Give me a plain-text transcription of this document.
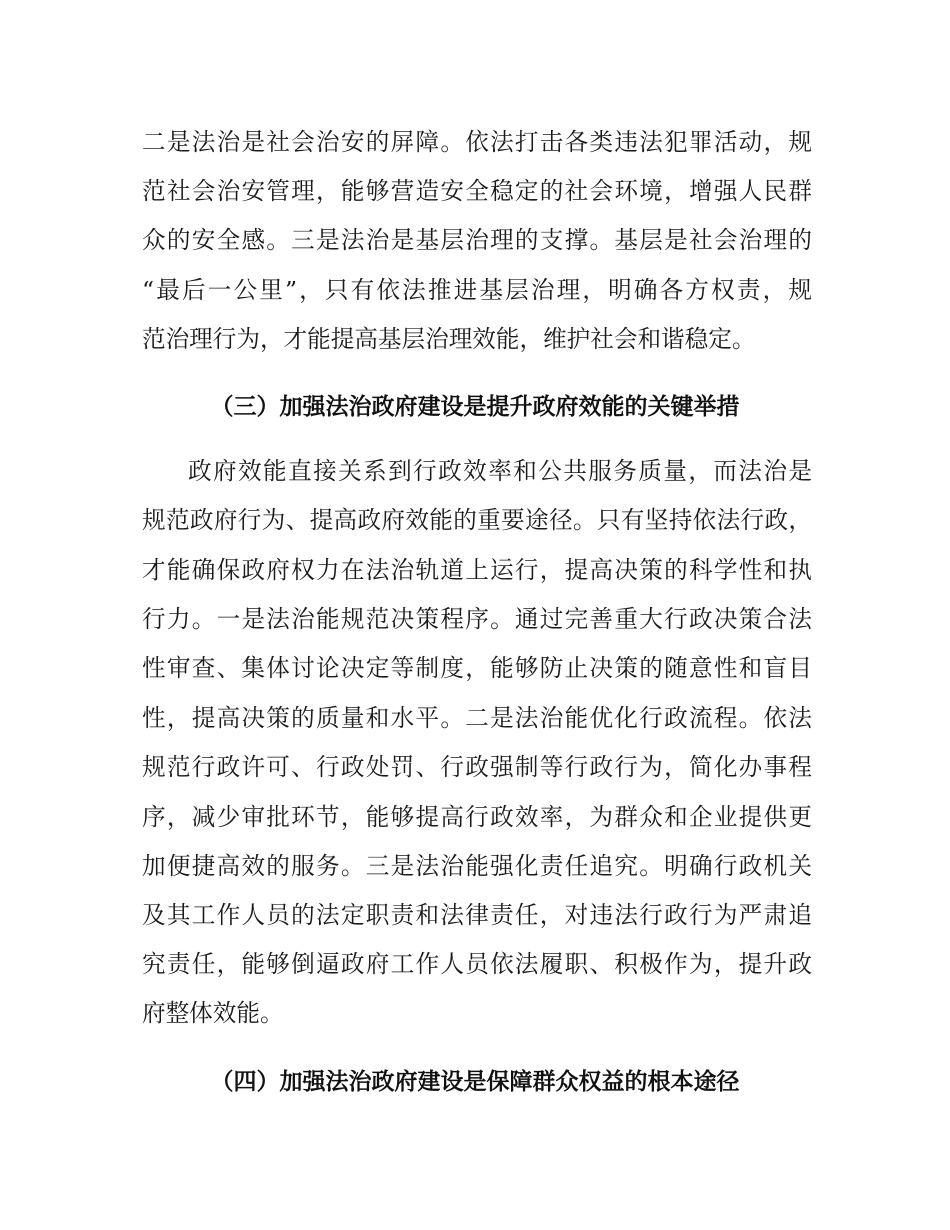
二是法治是社会治安的屏障。依法打击各类违法犯罪活动，规
范社会治安管理，能够营造安全稳定的社会环境，增强人民群
众的安全感。三是法治是基层治理的支撑。基层是社会治理的
“最后一公里”，只有依法推进基层治理，明确各方权责，规
范治理行为，才能提高基层治理效能，维护社会和谐稳定。
（三）加强法治政府建设是提升政府效能的关键举措
政府效能直接关系到行政效率和公共服务质量，而法治是
规范政府行为、提高政府效能的重要途径。只有坚持依法行政，
才能确保政府权力在法治轨道上运行，提高决策的科学性和执
行力。一是法治能规范决策程序。通过完善重大行政决策合法
性审查、集体讨论决定等制度，能够防止决策的随意性和盲目
性，提高决策的质量和水平。二是法治能优化行政流程。依法
规范行政许可、行政处罚、行政强制等行政行为，简化办事程
序，减少审批环节，能够提高行政效率，为群众和企业提供更
加便捷高效的服务。三是法治能强化责任追究。明确行政机关
及其工作人员的法定职责和法律责任，对违法行政行为严肃追
究责任，能够倒逼政府工作人员依法履职、积极作为，提升政
府整体效能。
（四）加强法治政府建设是保障群众权益的根本途径
